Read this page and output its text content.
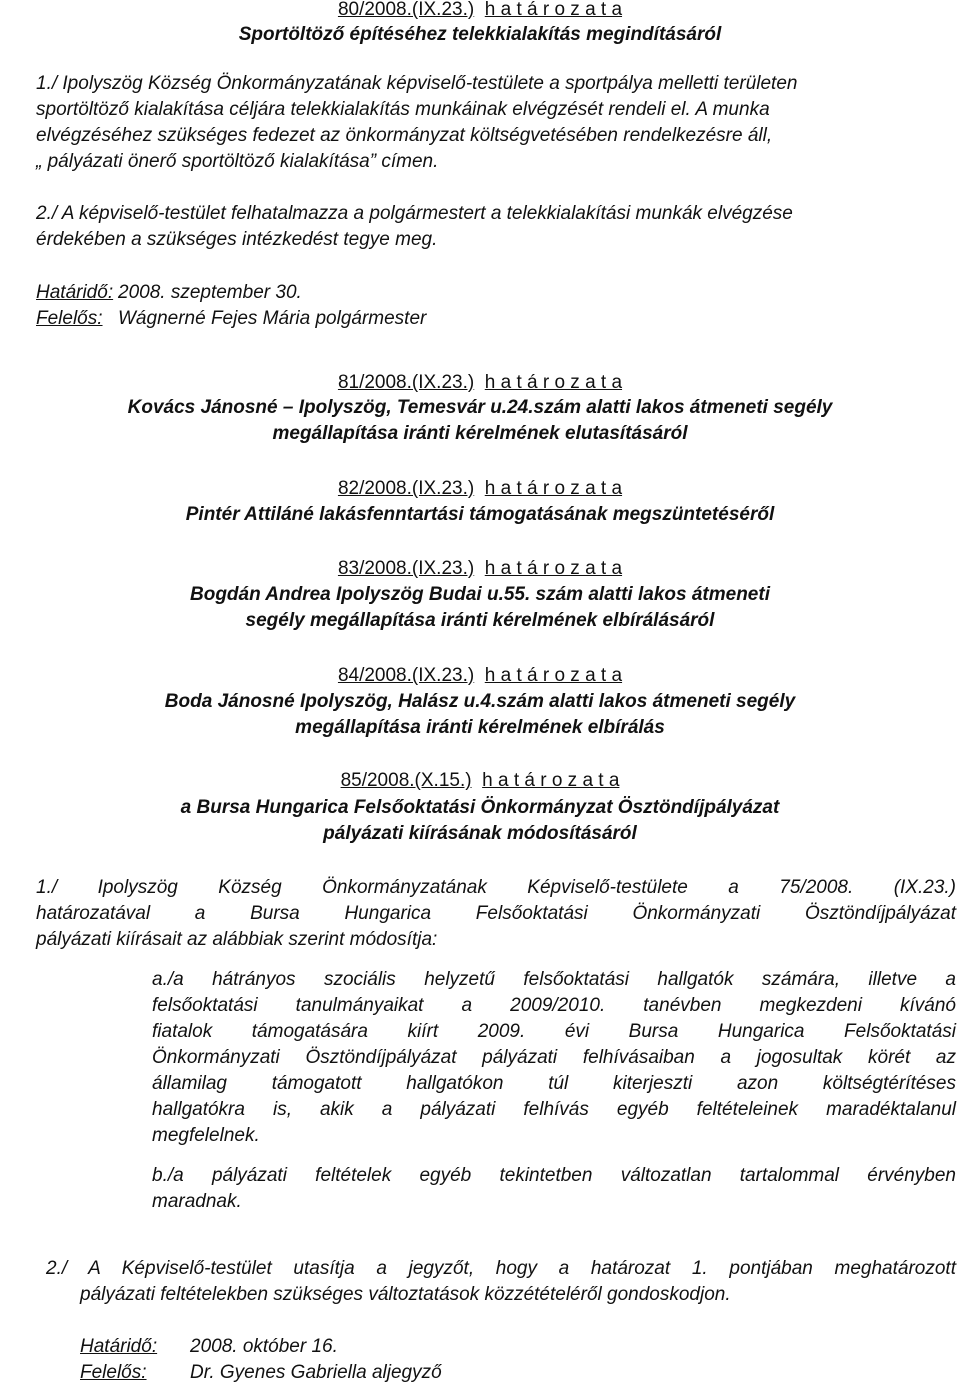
80/2008.(IX.23.) h a t á r o z a t a
Sportöltöző építéséhez telekkialakítás megindításáról
1./ Ipolyszög Község Önkormányzatának képviselő-testülete a sportpálya melletti területen
sportöltöző kialakítása céljára telekkialakítás munkáinak elvégzését rendeli el. A munka
elvégzéséhez szükséges fedezet az önkormányzat költségvetésében rendelkezésre áll,
„ pályázati önerő sportöltöző kialakítása” címen.
2./ A képviselő-testület felhatalmazza a polgármestert a telekkialakítási munkák elvégzése
érdekében a szükséges intézkedést tegye meg.
Határidő: 2008. szeptember 30.
Felelős: Wágnerné Fejes Mária polgármester
81/2008.(IX.23.) h a t á r o z a t a
Kovács Jánosné – Ipolyszög, Temesvár u.24.szám alatti lakos átmeneti segély
megállapítása iránti kérelmének elutasításáról
82/2008.(IX.23.) h a t á r o z a t a
Pintér Attiláné lakásfenntartási támogatásának megszüntetéséről
83/2008.(IX.23.) h a t á r o z a t a
Bogdán Andrea Ipolyszög Budai u.55. szám alatti lakos átmeneti
segély megállapítása iránti kérelmének elbírálásáról
84/2008.(IX.23.) h a t á r o z a t a
Boda Jánosné Ipolyszög, Halász u.4.szám alatti lakos átmeneti segély
megállapítása iránti kérelmének elbírálás
85/2008.(X.15.) h a t á r o z a t a
a Bursa Hungarica Felsőoktatási Önkormányzat Ösztöndíjpályázat
pályázati kiírásának módosításáról
1./ Ipolyszög Község Önkormányzatának Képviselő-testülete a 75/2008. (IX.23.)
határozatával a Bursa Hungarica Felsőoktatási Önkormányzati Ösztöndíjpályázat
pályázati kiírásait az alábbiak szerint módosítja:
a./a hátrányos szociális helyzetű felsőoktatási hallgatók számára, illetve a
felsőoktatási tanulmányaikat a 2009/2010. tanévben megkezdeni kívánó
fiatalok támogatására kiírt 2009. évi Bursa Hungarica Felsőoktatási
Önkormányzati Ösztöndíjpályázat pályázati felhívásaiban a jogosultak körét az
államilag támogatott hallgatókon túl kiterjeszti azon költségtérítéses
hallgatókra is, akik a pályázati felhívás egyéb feltételeinek maradéktalanul
megfelelnek.
b./a pályázati feltételek egyéb tekintetben változatlan tartalommal érvényben
maradnak.
2./ A Képviselő-testület utasítja a jegyzőt, hogy a határozat 1. pontjában meghatározott
pályázati feltételekben szükséges változtatások közzétételéről gondoskodjon.
Határidő: 2008. október 16.
Felelős: Dr. Gyenes Gabriella aljegyző
